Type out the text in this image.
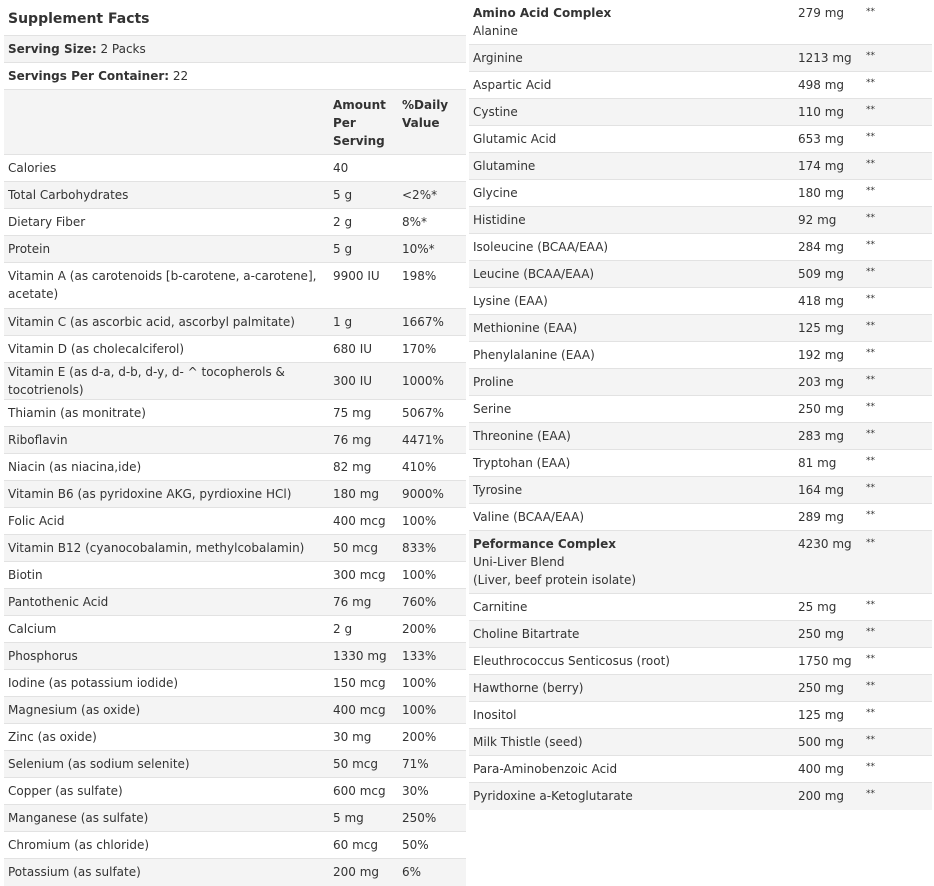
Supplement Facts		
Serving Size: 2 Packs		
Servings Per Container: 22		
	Amount Per Serving	%Daily Value
Calories	40	
Total Carbohydrates	5 g	<2%*
Dietary Fiber	2 g	8%*
Protein	5 g	10%*
Vitamin A (as carotenoids [b-carotene, a-carotene], acetate)	9900 IU	198%
Vitamin C (as ascorbic acid, ascorbyl palmitate)	1 g	1667%
Vitamin D (as cholecalciferol)	680 IU	170%
Vitamin E (as d-a, d-b, d-y, d- ^ tocopherols & tocotrienols)	300 IU	1000%
Thiamin (as monitrate)	75 mg	5067%
Riboflavin	76 mg	4471%
Niacin (as niacina,ide)	82 mg	410%
Vitamin B6 (as pyridoxine AKG, pyrdioxine HCl)	180 mg	9000%
Folic Acid	400 mcg	100%
Vitamin B12 (cyanocobalamin, methylcobalamin)	50 mcg	833%
Biotin	300 mcg	100%
Pantothenic Acid	76 mg	760%
Calcium	2 g	200%
Phosphorus	1330 mg	133%
Iodine (as potassium iodide)	150 mcg	100%
Magnesium (as oxide)	400 mcg	100%
Zinc (as oxide)	30 mg	200%
Selenium (as sodium selenite)	50 mcg	71%
Copper (as sulfate)	600 mcg	30%
Manganese (as sulfate)	5 mg	250%
Chromium (as chloride)	60 mcg	50%
Potassium (as sulfate)	200 mg	6%
Amino Acid Complex
Alanine	279 mg	**
Arginine	1213 mg	**
Aspartic Acid	498 mg	**
Cystine	110 mg	**
Glutamic Acid	653 mg	**
Glutamine	174 mg	**
Glycine	180 mg	**
Histidine	92 mg	**
Isoleucine (BCAA/EAA)	284 mg	**
Leucine (BCAA/EAA)	509 mg	**
Lysine (EAA)	418 mg	**
Methionine (EAA)	125 mg	**
Phenylalanine (EAA)	192 mg	**
Proline	203 mg	**
Serine	250 mg	**
Threonine (EAA)	283 mg	**
Tryptohan (EAA)	81 mg	**
Tyrosine	164 mg	**
Valine (BCAA/EAA)	289 mg	**

Peformance Complex
Uni-Liver Blend
(Liver, beef protein isolate)	4230 mg	**
Carnitine	25 mg	**
Choline Bitartrate	250 mg	**
Eleuthrococcus Senticosus (root)	1750 mg	**
Hawthorne (berry)	250 mg	**
Inositol	125 mg	**
Milk Thistle (seed)	500 mg	**
Para-Aminobenzoic Acid	400 mg	**
Pyridoxine a-Ketoglutarate	200 mg	**
